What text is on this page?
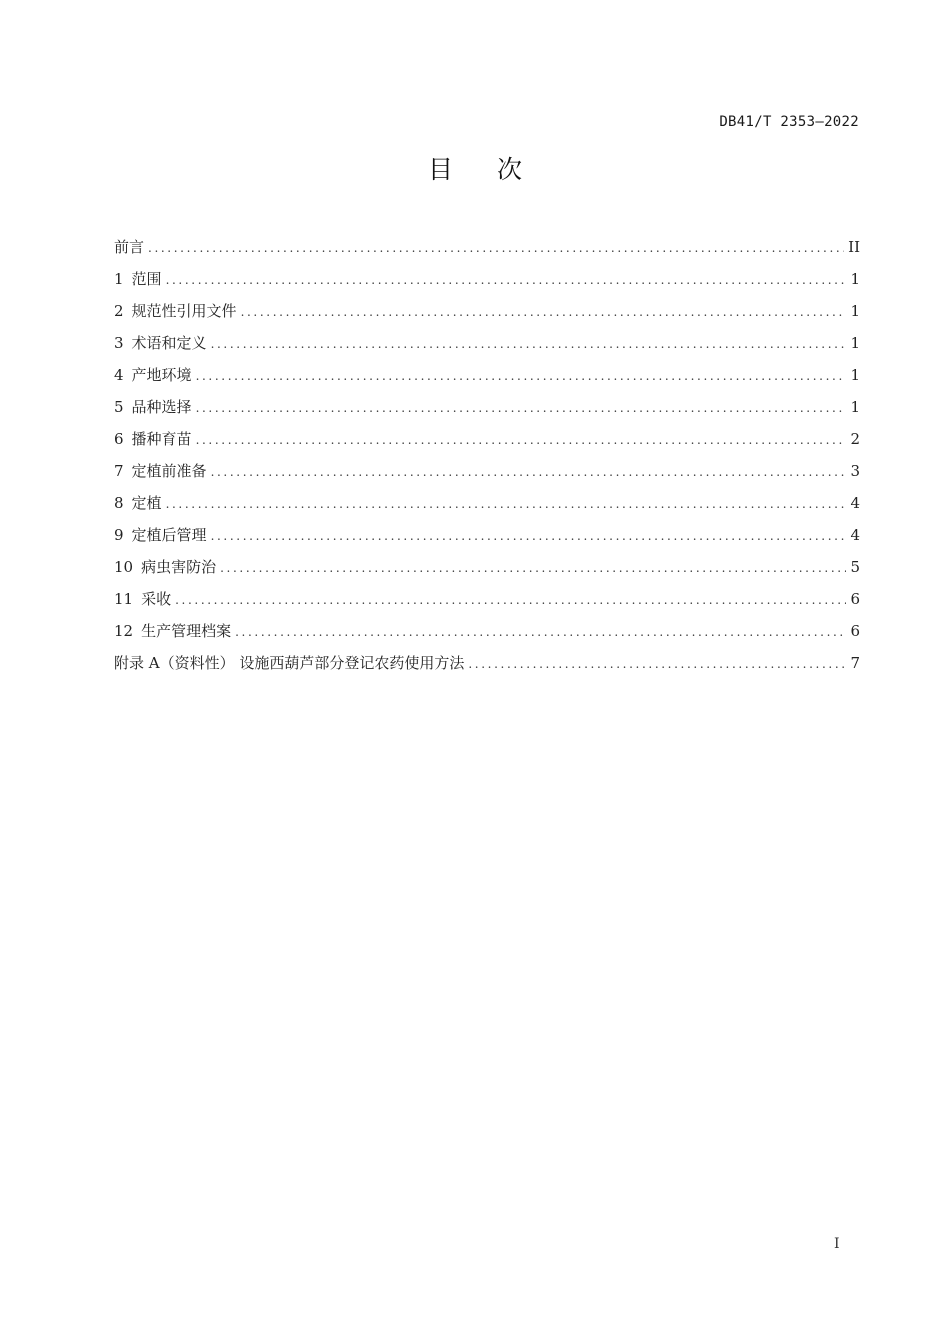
DB41/T 2353—2022
目次
前言 . . .	II
1 范围 . . .	1
2 规范性引用文件 . . .	1
3 术语和定义 . . .	1
4 产地环境 . . .	1
5 品种选择 . . .	1
6 播种育苗 . . .	2
7 定植前准备 . . .	3
8 定植 . . .	4
9 定植后管理 . . .	4
10 病虫害防治 . . .	5
11 采收 . . .	6
12 生产管理档案 . . .	6
附录 A（资料性） 设施西葫芦部分登记农药使用方法 . . .	7
I
